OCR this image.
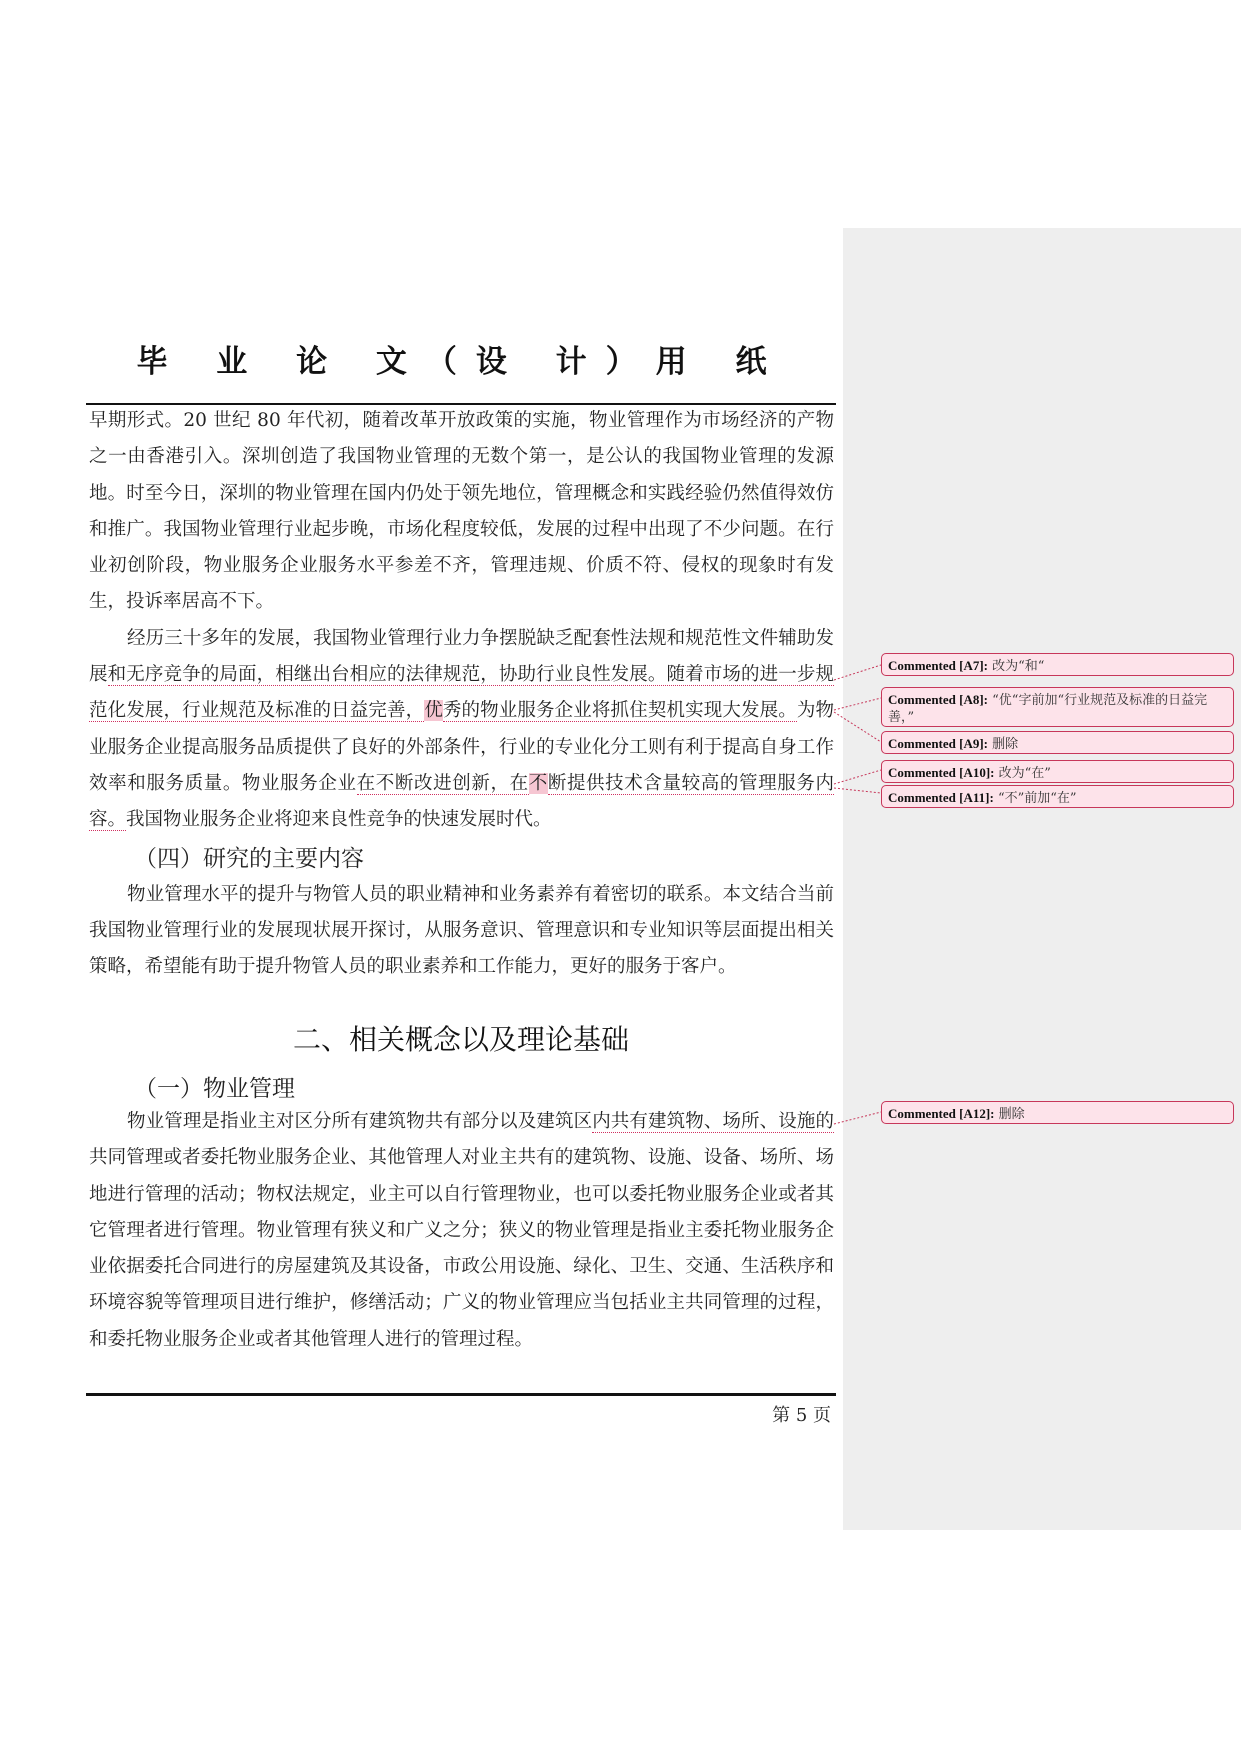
毕 业 论 文（设 计）用 纸

早期形式。20 世纪 80 年代初，随着改革开放政策的实施，物业管理作为市场经济的产物之一由香港引入。深圳创造了我国物业管理的无数个第一，是公认的我国物业管理的发源地。时至今日，深圳的物业管理在国内仍处于领先地位，管理概念和实践经验仍然值得效仿和推广。我国物业管理行业起步晚，市场化程度较低，发展的过程中出现了不少问题。在行业初创阶段，物业服务企业服务水平参差不齐，管理违规、价质不符、侵权的现象时有发生，投诉率居高不下。

经历三十多年的发展，我国物业管理行业力争摆脱缺乏配套性法规和规范性文件辅助发展和无序竞争的局面，相继出台相应的法律规范，协助行业良性发展。随着市场的进一步规范化发展，行业规范及标准的日益完善，优秀的物业服务企业将抓住契机实现大发展。为物业服务企业提高服务品质提供了良好的外部条件，行业的专业化分工则有利于提高自身工作效率和服务质量。物业服务企业在不断改进创新，在不断提供技术含量较高的管理服务内容。我国物业服务企业将迎来良性竞争的快速发展时代。

（四）研究的主要内容

物业管理水平的提升与物管人员的职业精神和业务素养有着密切的联系。本文结合当前我国物业管理行业的发展现状展开探讨，从服务意识、管理意识和专业知识等层面提出相关策略，希望能有助于提升物管人员的职业素养和工作能力，更好的服务于客户。

二、相关概念以及理论基础
（一）物业管理

物业管理是指业主对区分所有建筑物共有部分以及建筑区内共有建筑物、场所、设施的共同管理或者委托物业服务企业、其他管理人对业主共有的建筑物、设施、设备、场所、场地进行管理的活动；物权法规定，业主可以自行管理物业，也可以委托物业服务企业或者其它管理者进行管理。物业管理有狭义和广义之分；狭义的物业管理是指业主委托物业服务企业依据委托合同进行的房屋建筑及其设备，市政公用设施、绿化、卫生、交通、生活秩序和环境容貌等管理项目进行维护，修缮活动；广义的物业管理应当包括业主共同管理的过程，和委托物业服务企业或者其他管理人进行的管理过程。

第 5 页
Commented [A7]: 改为“和“
Commented [A8]: “优“字前加“行业规范及标准的日益完善，”
Commented [A9]: 删除
Commented [A10]: 改为“在”
Commented [A11]: “不”前加“在”
Commented [A12]: 删除
